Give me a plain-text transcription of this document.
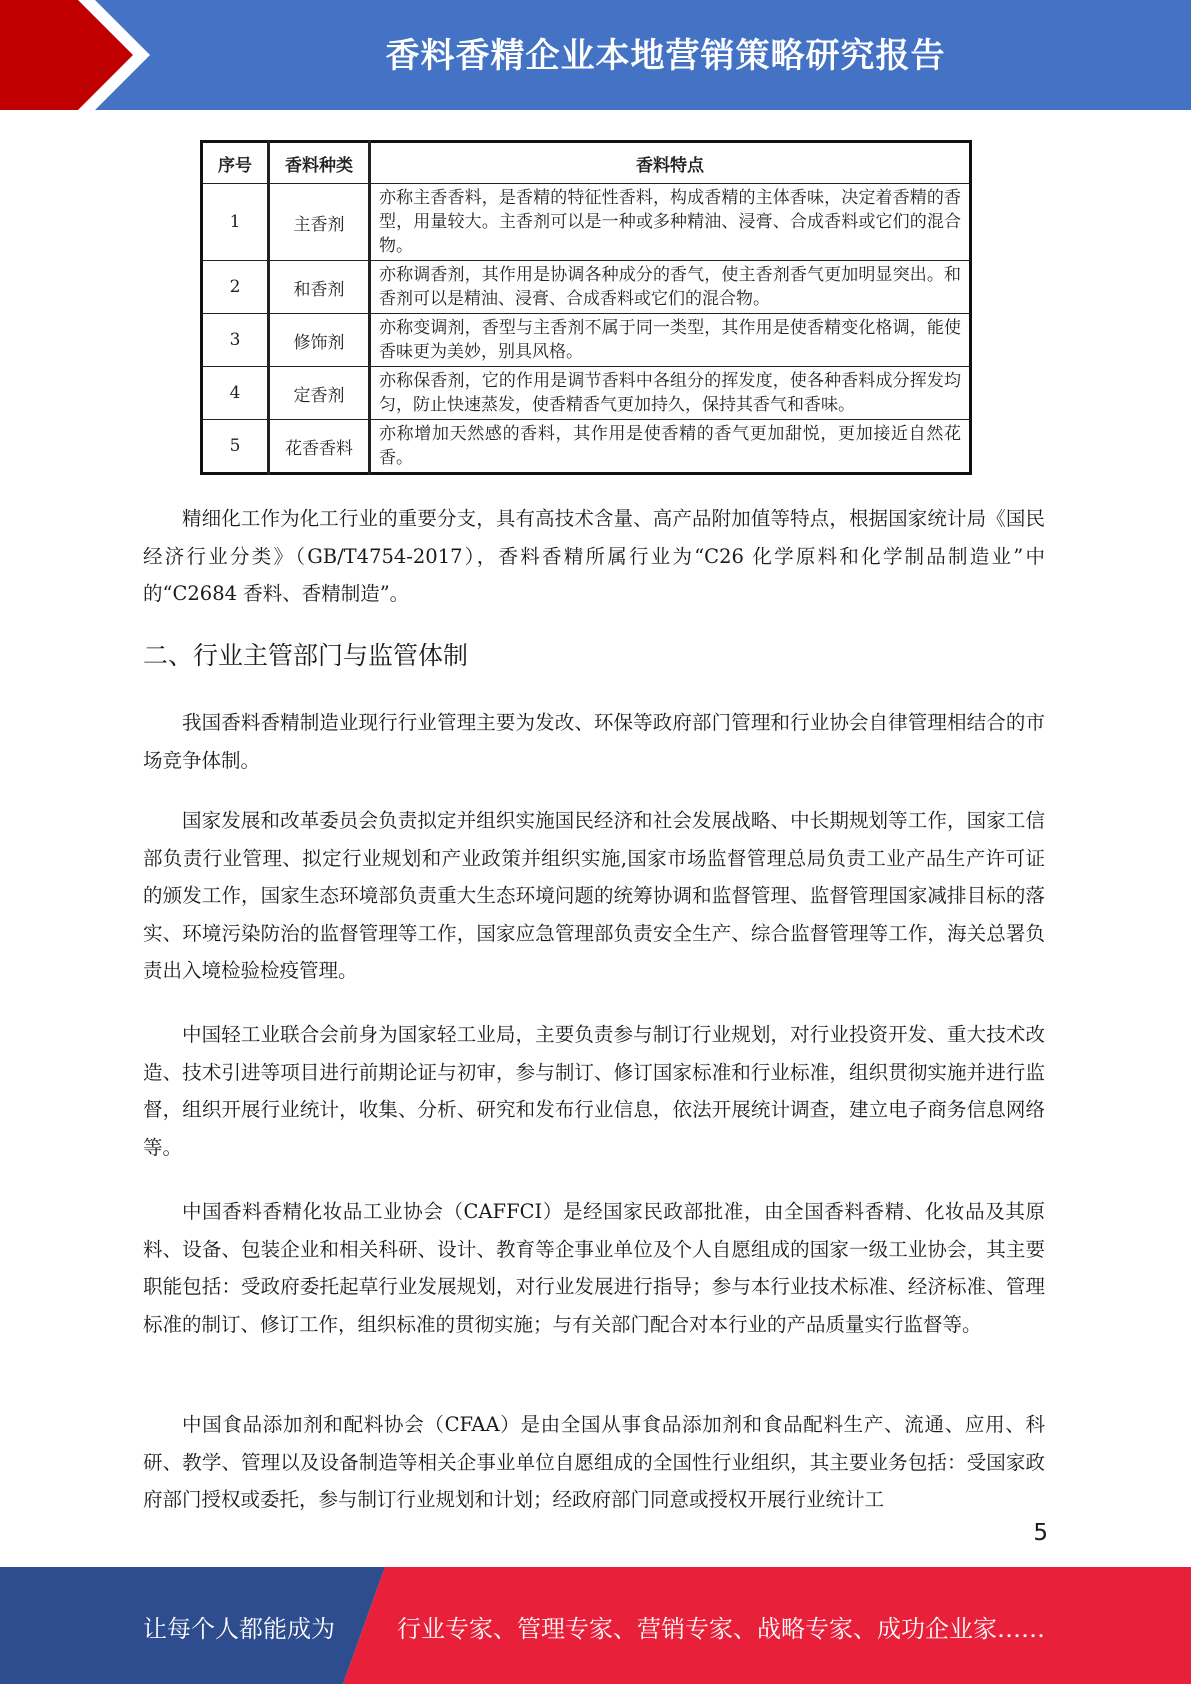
香料香精企业本地营销策略研究报告
序号	香料种类	香料特点
1	主香剂	亦称主香香料，是香精的特征性香料，构成香精的主体香味，决定着香精的香型，用量较大。主香剂可以是一种或多种精油、浸膏、合成香料或它们的混合物。
2	和香剂	亦称调香剂，其作用是协调各种成分的香气，使主香剂香气更加明显突出。和香剂可以是精油、浸膏、合成香料或它们的混合物。
3	修饰剂	亦称变调剂，香型与主香剂不属于同一类型，其作用是使香精变化格调，能使香味更为美妙，别具风格。
4	定香剂	亦称保香剂，它的作用是调节香料中各组分的挥发度，使各种香料成分挥发均匀，防止快速蒸发，使香精香气更加持久，保持其香气和香味。
5	花香香料	亦称增加天然感的香料，其作用是使香精的香气更加甜悦，更加接近自然花香。

精细化工作为化工行业的重要分支，具有高技术含量、高产品附加值等特点，根据国家统计局《国民经济行业分类》（GB/T4754-2017），香料香精所属行业为“C26 化学原料和化学制品制造业”中的“C2684 香料、香精制造”。

二、行业主管部门与监管体制

我国香料香精制造业现行行业管理主要为发改、环保等政府部门管理和行业协会自律管理相结合的市场竞争体制。

国家发展和改革委员会负责拟定并组织实施国民经济和社会发展战略、中长期规划等工作，国家工信部负责行业管理、拟定行业规划和产业政策并组织实施,国家市场监督管理总局负责工业产品生产许可证的颁发工作，国家生态环境部负责重大生态环境问题的统筹协调和监督管理、监督管理国家减排目标的落实、环境污染防治的监督管理等工作，国家应急管理部负责安全生产、综合监督管理等工作，海关总署负责出入境检验检疫管理。

中国轻工业联合会前身为国家轻工业局，主要负责参与制订行业规划，对行业投资开发、重大技术改造、技术引进等项目进行前期论证与初审，参与制订、修订国家标准和行业标准，组织贯彻实施并进行监督，组织开展行业统计，收集、分析、研究和发布行业信息，依法开展统计调查，建立电子商务信息网络等。

中国香料香精化妆品工业协会（CAFFCI）是经国家民政部批准，由全国香料香精、化妆品及其原料、设备、包装企业和相关科研、设计、教育等企事业单位及个人自愿组成的国家一级工业协会，其主要职能包括：受政府委托起草行业发展规划，对行业发展进行指导；参与本行业技术标准、经济标准、管理标准的制订、修订工作，组织标准的贯彻实施；与有关部门配合对本行业的产品质量实行监督等。

中国食品添加剂和配料协会（CFAA）是由全国从事食品添加剂和食品配料生产、流通、应用、科研、教学、管理以及设备制造等相关企事业单位自愿组成的全国性行业组织，其主要业务包括：受国家政府部门授权或委托，参与制订行业规划和计划；经政府部门同意或授权开展行业统计工

5
让每个人都能成为	行业专家、管理专家、营销专家、战略专家、成功企业家……
